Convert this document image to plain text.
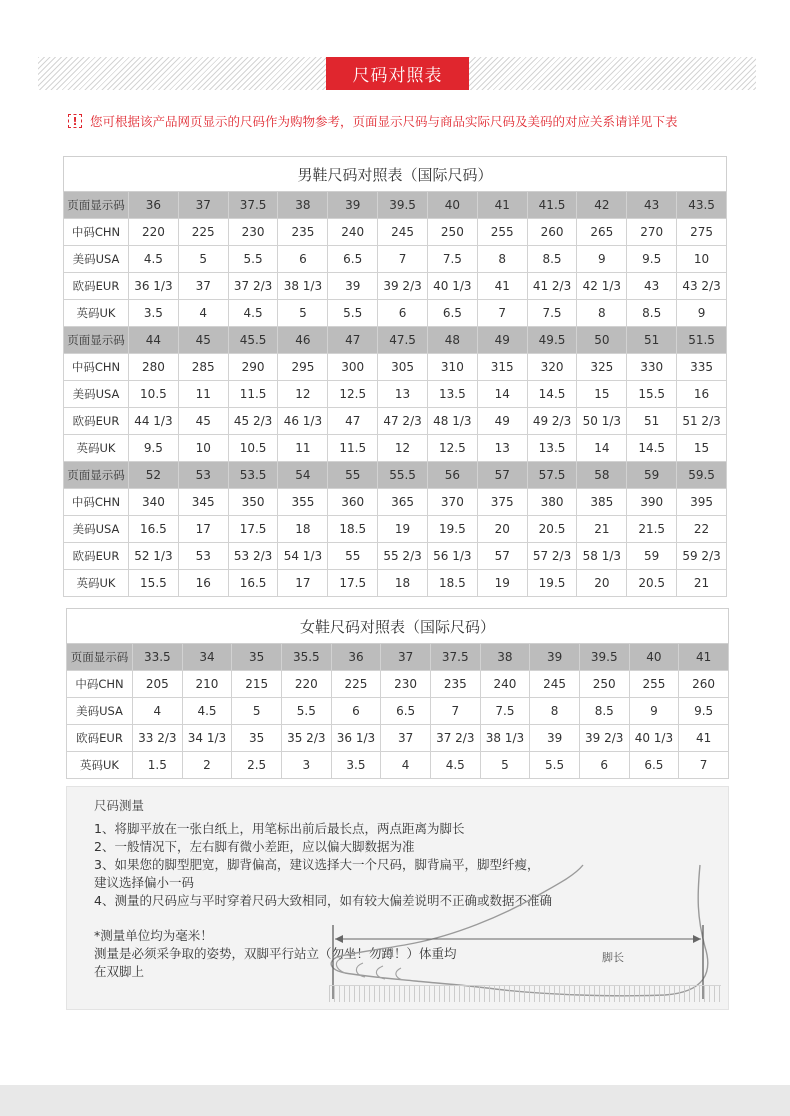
尺码对照表
! 您可根据该产品网页显示的尺码作为购物参考，页面显示尺码与商品实际尺码及美码的对应关系请详见下表
男鞋尺码对照表（国际尺码）												
页面显示码	36	37	37.5	38	39	39.5	40	41	41.5	42	43	43.5
中码CHN	220	225	230	235	240	245	250	255	260	265	270	275
美码USA	4.5	5	5.5	6	6.5	7	7.5	8	8.5	9	9.5	10
欧码EUR	36 1/3	37	37 2/3	38 1/3	39	39 2/3	40 1/3	41	41 2/3	42 1/3	43	43 2/3
英码UK	3.5	4	4.5	5	5.5	6	6.5	7	7.5	8	8.5	9
页面显示码	44	45	45.5	46	47	47.5	48	49	49.5	50	51	51.5
中码CHN	280	285	290	295	300	305	310	315	320	325	330	335
美码USA	10.5	11	11.5	12	12.5	13	13.5	14	14.5	15	15.5	16
欧码EUR	44 1/3	45	45 2/3	46 1/3	47	47 2/3	48 1/3	49	49 2/3	50 1/3	51	51 2/3
英码UK	9.5	10	10.5	11	11.5	12	12.5	13	13.5	14	14.5	15
页面显示码	52	53	53.5	54	55	55.5	56	57	57.5	58	59	59.5
中码CHN	340	345	350	355	360	365	370	375	380	385	390	395
美码USA	16.5	17	17.5	18	18.5	19	19.5	20	20.5	21	21.5	22
欧码EUR	52 1/3	53	53 2/3	54 1/3	55	55 2/3	56 1/3	57	57 2/3	58 1/3	59	59 2/3
英码UK	15.5	16	16.5	17	17.5	18	18.5	19	19.5	20	20.5	21
女鞋尺码对照表（国际尺码）												
页面显示码	33.5	34	35	35.5	36	37	37.5	38	39	39.5	40	41
中码CHN	205	210	215	220	225	230	235	240	245	250	255	260
美码USA	4	4.5	5	5.5	6	6.5	7	7.5	8	8.5	9	9.5
欧码EUR	33 2/3	34 1/3	35	35 2/3	36 1/3	37	37 2/3	38 1/3	39	39 2/3	40 1/3	41
英码UK	1.5	2	2.5	3	3.5	4	4.5	5	5.5	6	6.5	7
尺码测量
1、将脚平放在一张白纸上，用笔标出前后最长点，两点距离为脚长
2、一般情况下，左右脚有微小差距，应以偏大脚数据为准
3、如果您的脚型肥宽，脚背偏高，建议选择大一个尺码，脚背扁平，脚型纤瘦，
建议选择偏小一码
4、测量的尺码应与平时穿着尺码大致相同，如有较大偏差说明不正确或数据不准确
*测量单位均为毫米！
测量是必须采争取的姿势，双脚平行站立（勿坐！勿蹲！）体重均
在双脚上
脚长
